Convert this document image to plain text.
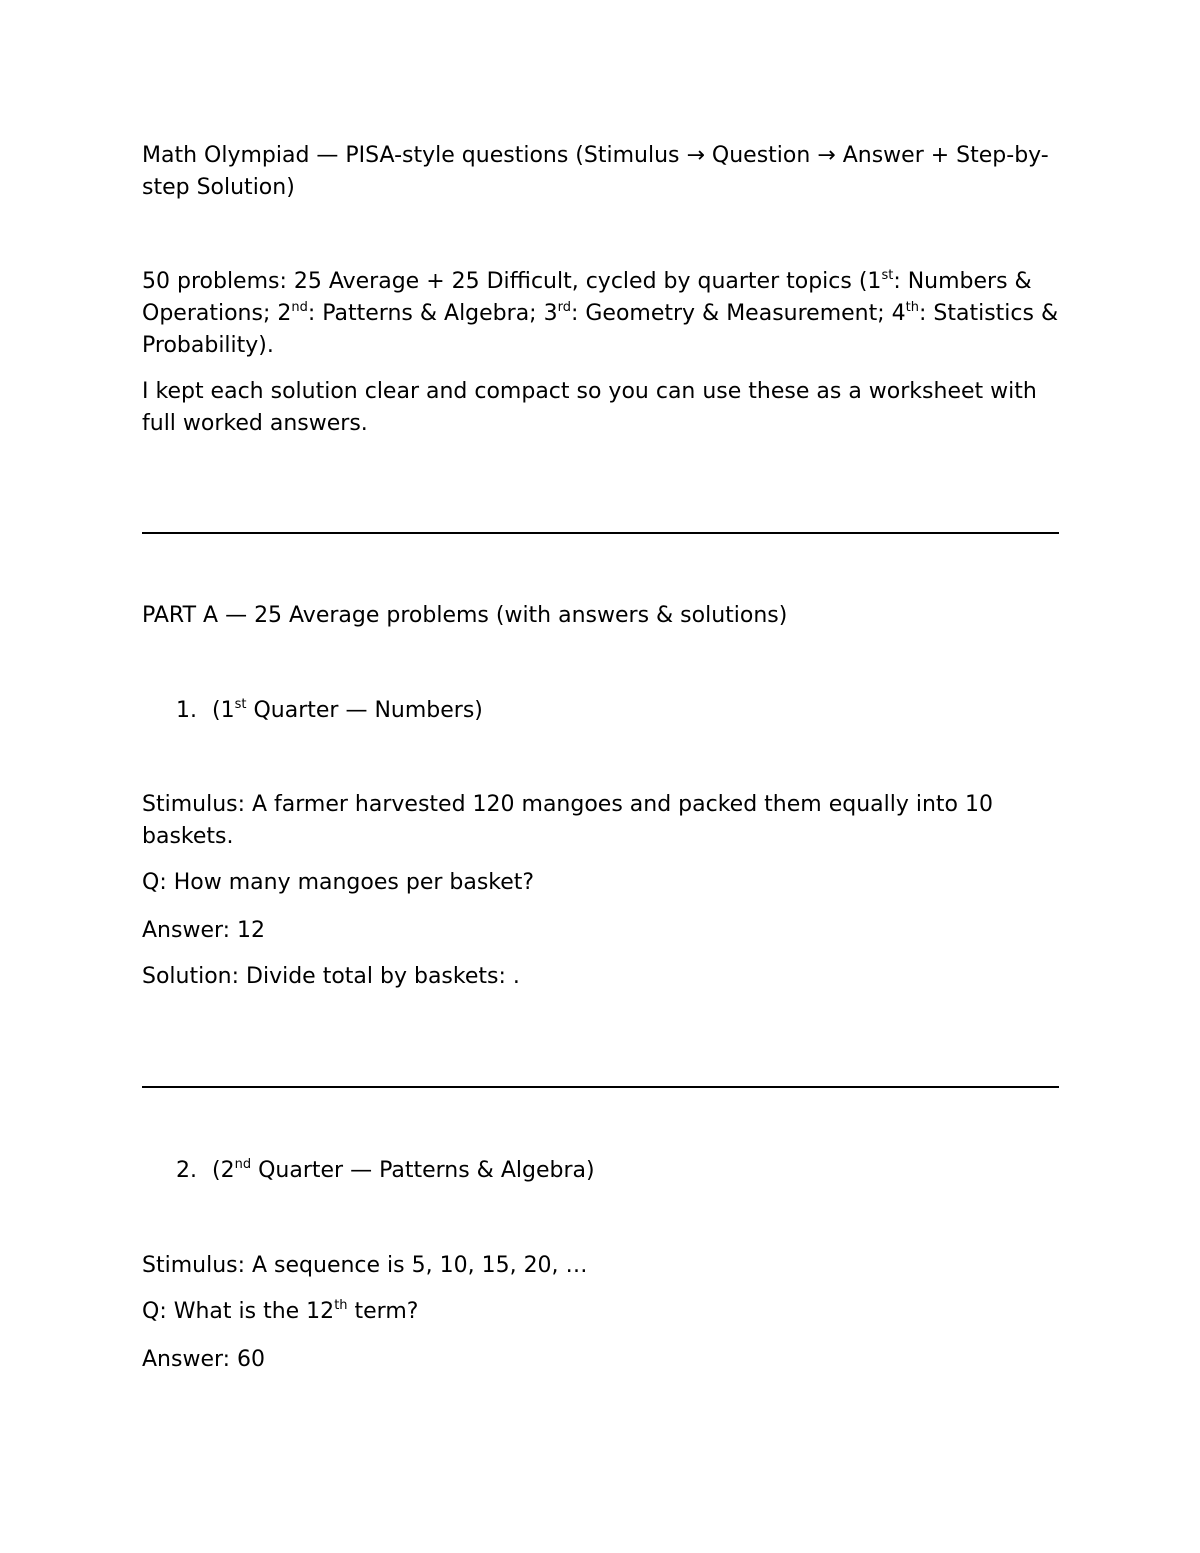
Math Olympiad — PISA-style questions (Stimulus → Question → Answer + Step-by-step Solution)

50 problems: 25 Average + 25 Difficult, cycled by quarter topics (1st: Numbers & Operations; 2nd: Patterns & Algebra; 3rd: Geometry & Measurement; 4th: Statistics & Probability).

I kept each solution clear and compact so you can use these as a worksheet with full worked answers.

PART A — 25 Average problems (with answers & solutions)

1. (1st Quarter — Numbers)

Stimulus: A farmer harvested 120 mangoes and packed them equally into 10 baskets.

Q: How many mangoes per basket?

Answer: 12

Solution: Divide total by baskets: .

2. (2nd Quarter — Patterns & Algebra)

Stimulus: A sequence is 5, 10, 15, 20, …

Q: What is the 12th term?

Answer: 60
